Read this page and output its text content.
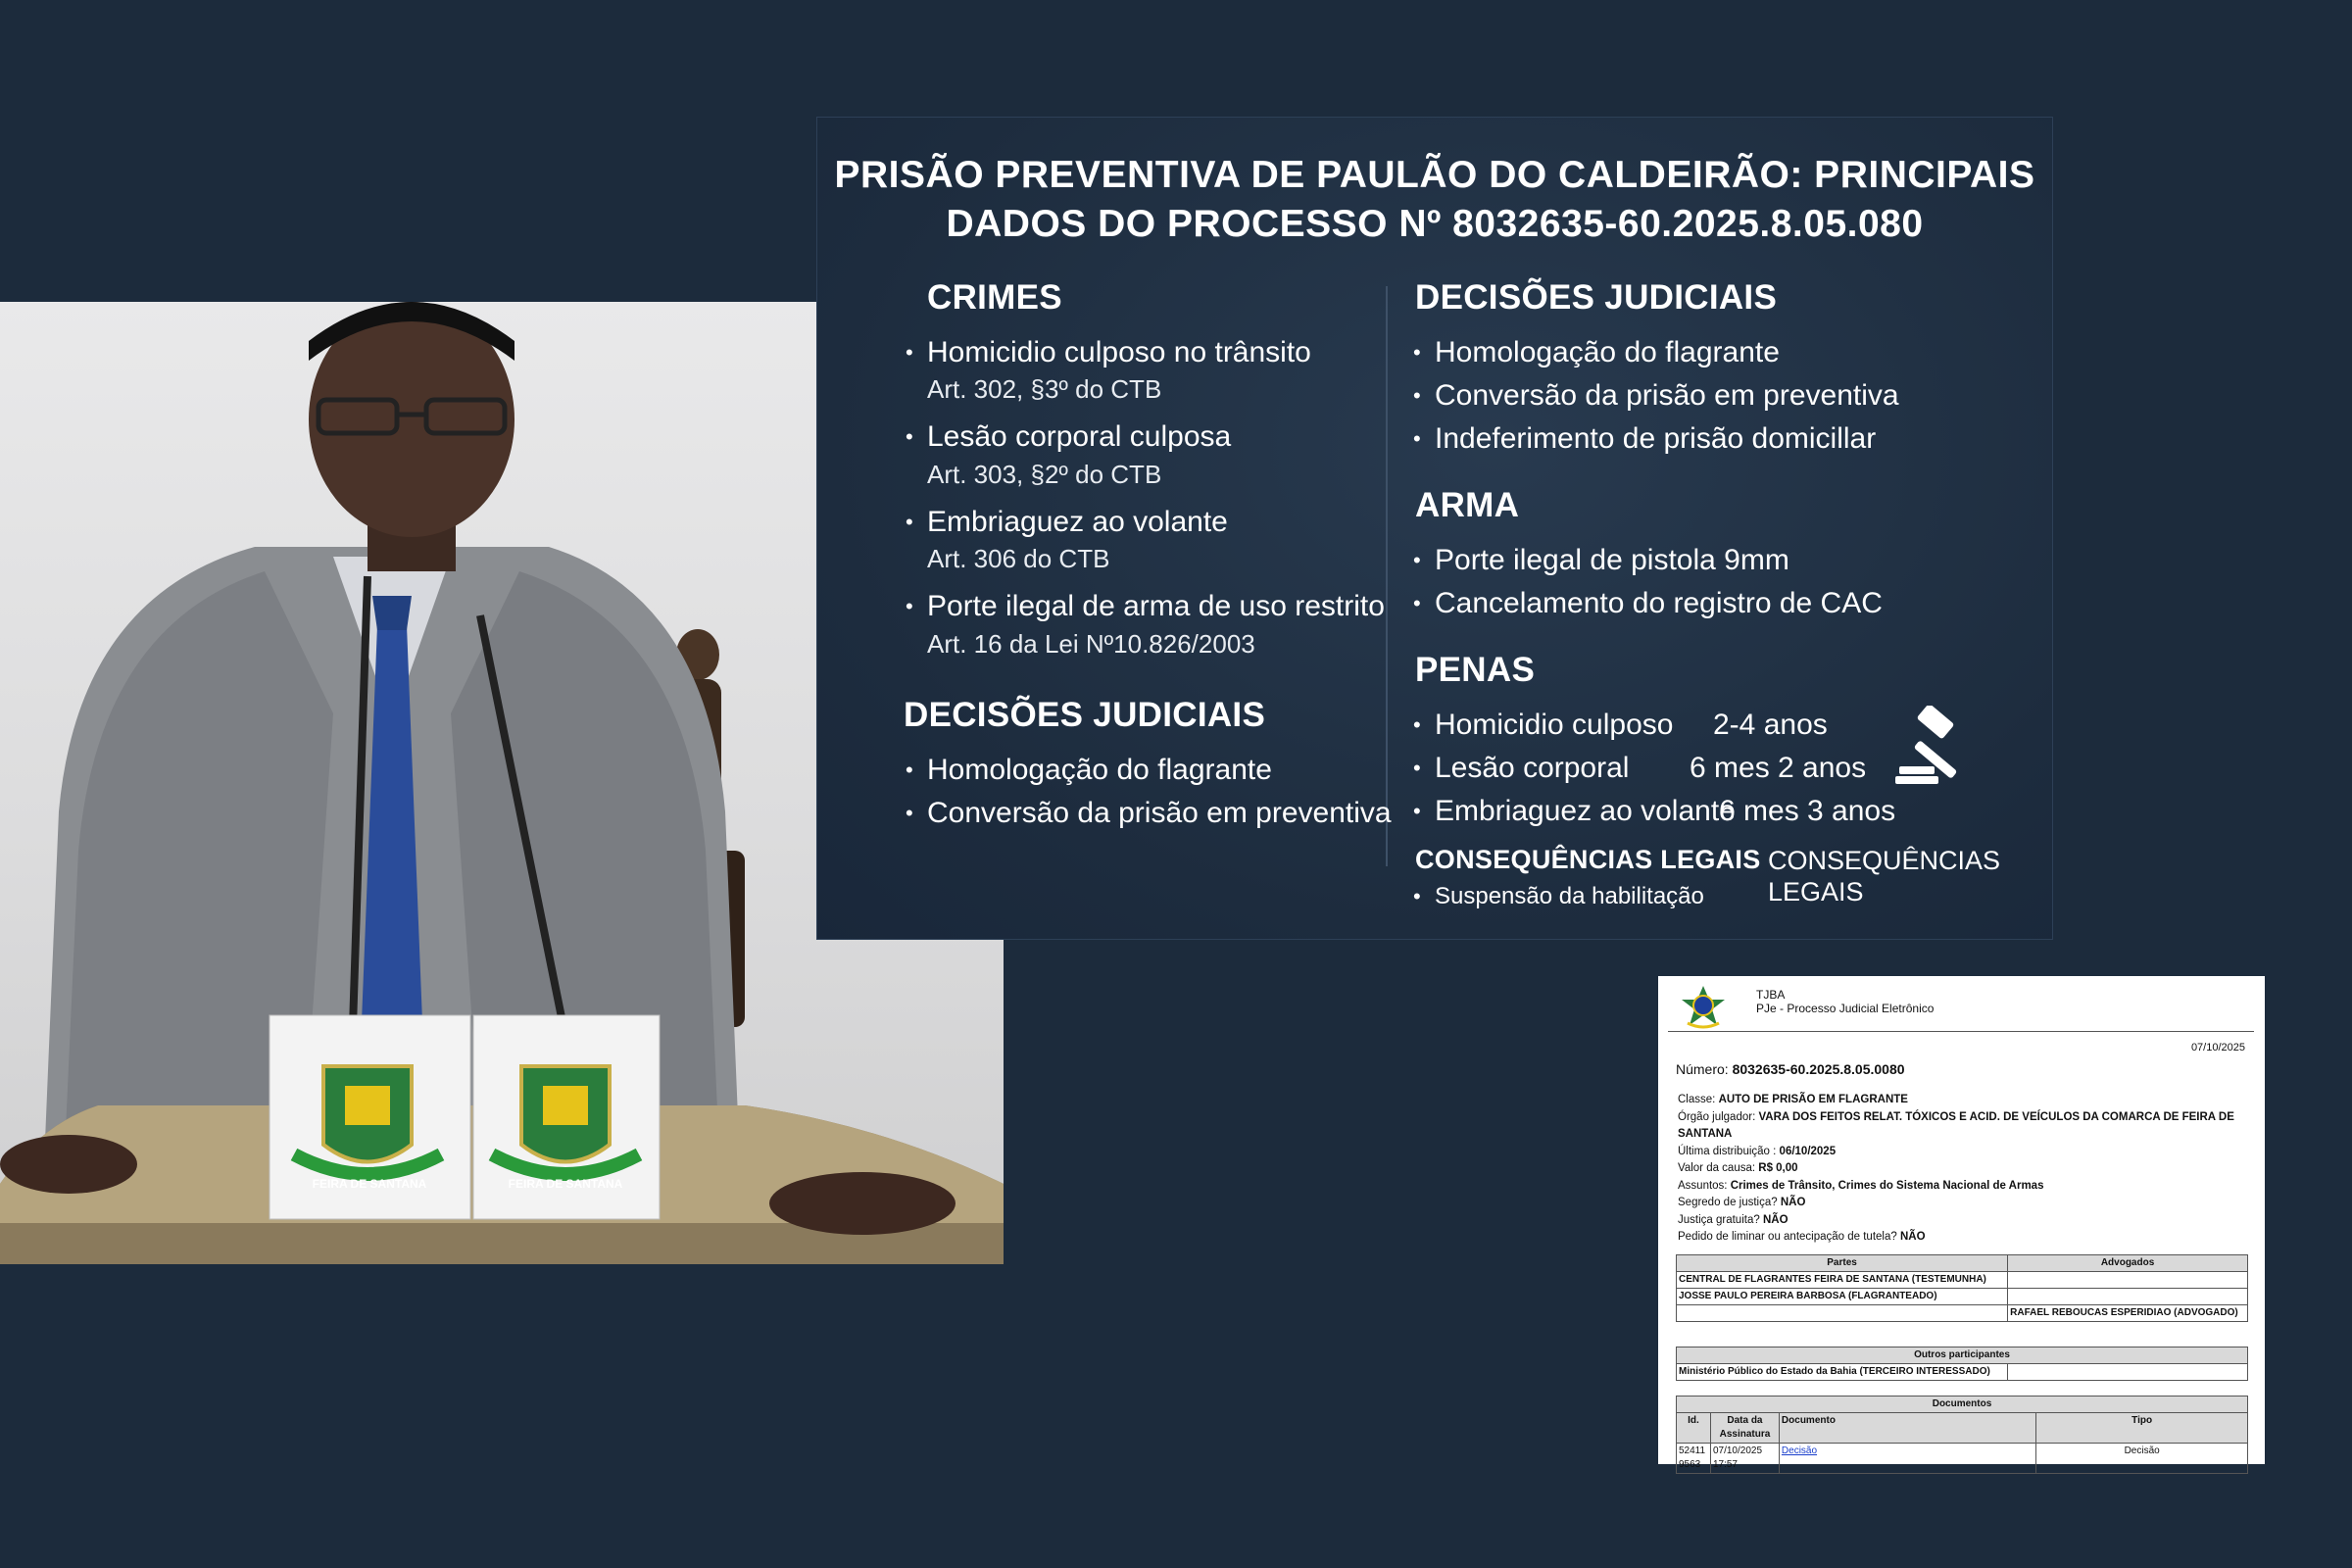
FEIRA DE SANTANA	FEIRA DE SANTANA
PRISÃO PREVENTIVA DE PAULÃO DO CALDEIRÃO: PRINCIPAIS
DADOS DO PROCESSO Nº 8032635-60.2025.8.05.080
CRIMES
• Homicidio culposo no trânsito
Art. 302, §3º do CTB
• Lesão corporal culposa
Art. 303, §2º do CTB
• Embriaguez ao volante
Art. 306 do CTB
• Porte ilegal de arma de uso restrito
Art. 16 da Lei Nº10.826/2003
DECISÕES JUDICIAIS
• Homologação do flagrante
• Conversão da prisão em preventiva
DECISÕES JUDICIAIS
• Homologação do flagrante
• Conversão da prisão em preventiva
• Indeferimento de prisão domicillar
ARMA
• Porte ilegal de pistola 9mm
• Cancelamento do registro de CAC
PENAS
• Homicidio culposo 2-4 anos
• Lesão corporal 6 mes 2 anos
• Embriaguez ao volante
6 mes 3 anos
CONSEQUÊNCIAS LEGAIS
• Suspensão da habilitação
CONSEQUÊNCIAS
LEGAIS
TJBA
PJe - Processo Judicial Eletrônico
07/10/2025
Número: 8032635-60.2025.8.05.0080
Classe: AUTO DE PRISÃO EM FLAGRANTE
Órgão julgador: VARA DOS FEITOS RELAT. TÓXICOS E ACID. DE VEÍCULOS DA COMARCA DE FEIRA DE SANTANA
Última distribuição : 06/10/2025
Valor da causa: R$ 0,00
Assuntos: Crimes de Trânsito, Crimes do Sistema Nacional de Armas
Segredo de justiça? NÃO
Justiça gratuita? NÃO
Pedido de liminar ou antecipação de tutela? NÃO
Partes	Advogados
CENTRAL DE FLAGRANTES FEIRA DE SANTANA (TESTEMUNHA)	
JOSSE PAULO PEREIRA BARBOSA (FLAGRANTEADO)	
	RAFAEL REBOUCAS ESPERIDIAO (ADVOGADO)
Outros participantes
Ministério Público do Estado da Bahia (TERCEIRO INTERESSADO)	
Documentos			
Id.	Data da Assinatura	Documento	Tipo
52411 9563	07/10/2025 17:57	Decisão	Decisão
